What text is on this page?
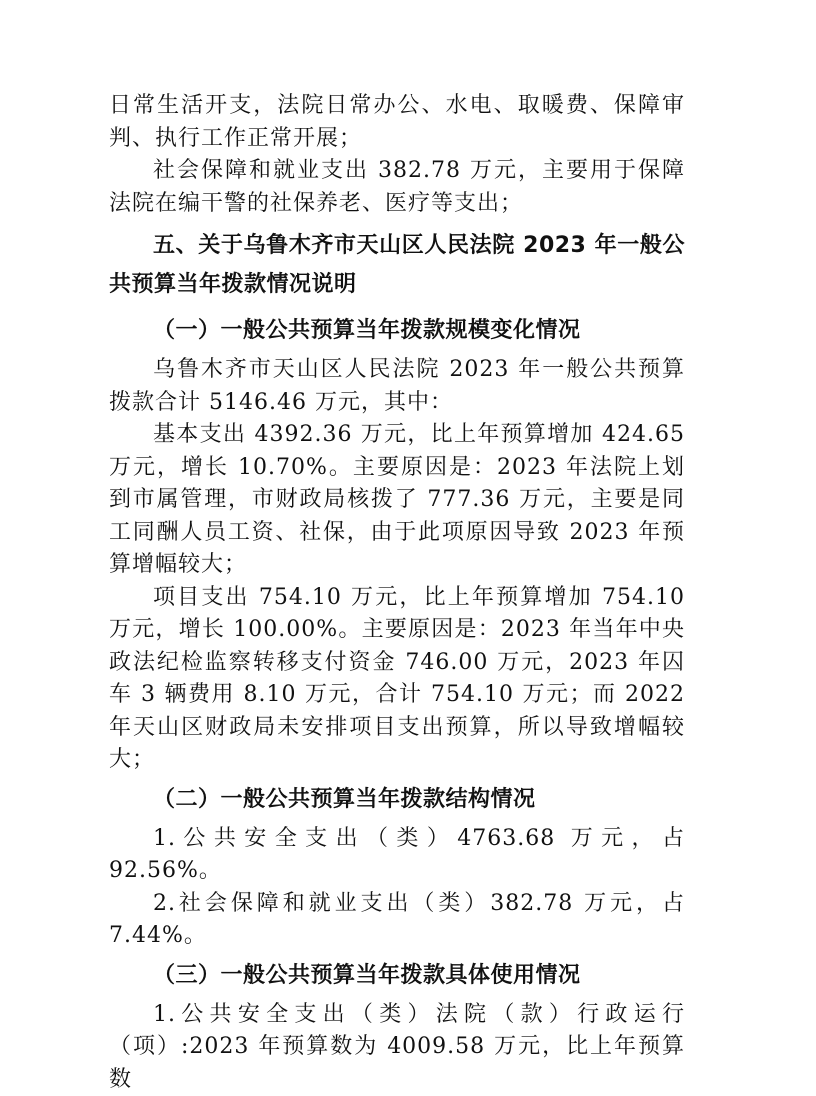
日常生活开支，法院日常办公、水电、取暖费、保障审判、执行工作正常开展；

社会保障和就业支出 382.78 万元，主要用于保障法院在编干警的社保养老、医疗等支出；

五、关于乌鲁木齐市天山区人民法院 2023 年一般公共预算当年拨款情况说明

（一）一般公共预算当年拨款规模变化情况

乌鲁木齐市天山区人民法院 2023 年一般公共预算拨款合计 5146.46 万元，其中：

基本支出 4392.36 万元，比上年预算增加 424.65 万元，增长 10.70%。主要原因是：2023 年法院上划到市属管理，市财政局核拨了 777.36 万元，主要是同工同酬人员工资、社保，由于此项原因导致 2023 年预算增幅较大；

项目支出 754.10 万元，比上年预算增加 754.10 万元，增长 100.00%。主要原因是：2023 年当年中央政法纪检监察转移支付资金 746.00 万元，2023 年囚车 3 辆费用 8.10 万元，合计 754.10 万元；而 2022 年天山区财政局未安排项目支出预算，所以导致增幅较大；

（二）一般公共预算当年拨款结构情况

1.公共安全支出（类）4763.68 万元，占 92.56%。

2.社会保障和就业支出（类）382.78 万元，占 7.44%。

（三）一般公共预算当年拨款具体使用情况

1.公共安全支出（类）法院（款）行政运行（项）:2023 年预算数为 4009.58 万元，比上年预算数
